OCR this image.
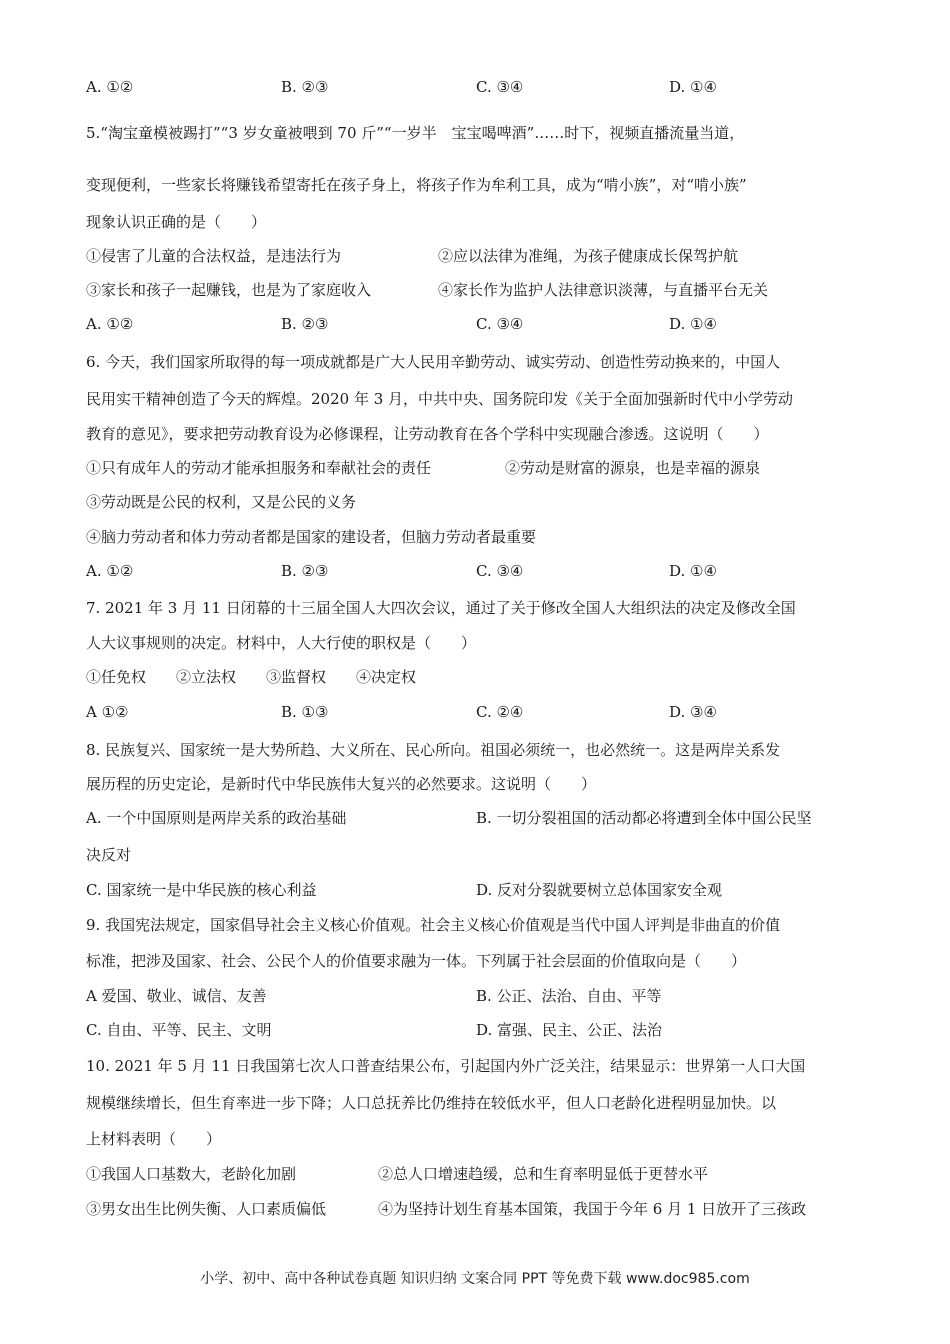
A. ①②	B. ②③	C. ③④	D. ①④
5.“淘宝童模被踢打”“3 岁女童被喂到 70 斤”“一岁半　宝宝喝啤酒”……时下，视频直播流量当道，
变现便利，一些家长将赚钱希望寄托在孩子身上，将孩子作为牟利工具，成为“啃小族”，对“啃小族”
现象认识正确的是（　　）
①侵害了儿童的合法权益，是违法行为	②应以法律为准绳，为孩子健康成长保驾护航
③家长和孩子一起赚钱，也是为了家庭收入	④家长作为监护人法律意识淡薄，与直播平台无关
A. ①②	B. ②③	C. ③④	D. ①④
6. 今天，我们国家所取得的每一项成就都是广大人民用辛勤劳动、诚实劳动、创造性劳动换来的，中国人
民用实干精神创造了今天的辉煌。2020 年 3 月，中共中央、国务院印发《关于全面加强新时代中小学劳动
教育的意见》，要求把劳动教育设为必修课程，让劳动教育在各个学科中实现融合渗透。这说明（　　）
①只有成年人的劳动才能承担服务和奉献社会的责任	②劳动是财富的源泉，也是幸福的源泉
③劳动既是公民的权利，又是公民的义务
④脑力劳动者和体力劳动者都是国家的建设者，但脑力劳动者最重要
A. ①②	B. ②③	C. ③④	D. ①④
7. 2021 年 3 月 11 日闭幕的十三届全国人大四次会议，通过了关于修改全国人大组织法的决定及修改全国
人大议事规则的决定。材料中，人大行使的职权是（　　）
①任免权　　②立法权　　③监督权　　④决定权
A ①②	B. ①③	C. ②④	D. ③④
8. 民族复兴、国家统一是大势所趋、大义所在、民心所向。祖国必须统一，也必然统一。这是两岸关系发
展历程的历史定论，是新时代中华民族伟大复兴的必然要求。这说明（　　）
A. 一个中国原则是两岸关系的政治基础	B. 一切分裂祖国的活动都必将遭到全体中国公民坚
决反对
C. 国家统一是中华民族的核心利益	D. 反对分裂就要树立总体国家安全观
9. 我国宪法规定，国家倡导社会主义核心价值观。社会主义核心价值观是当代中国人评判是非曲直的价值
标准，把涉及国家、社会、公民个人的价值要求融为一体。下列属于社会层面的价值取向是（　　）
A 爱国、敬业、诚信、友善	B. 公正、法治、自由、平等
C. 自由、平等、民主、文明	D. 富强、民主、公正、法治
10. 2021 年 5 月 11 日我国第七次人口普查结果公布，引起国内外广泛关注，结果显示：世界第一人口大国
规模继续增长，但生育率进一步下降；人口总抚养比仍维持在较低水平，但人口老龄化进程明显加快。以
上材料表明（　　）
①我国人口基数大，老龄化加剧	②总人口增速趋缓，总和生育率明显低于更替水平
③男女出生比例失衡、人口素质偏低	④为坚持计划生育基本国策，我国于今年 6 月 1 日放开了三孩政
小学、初中、高中各种试卷真题 知识归纳 文案合同 PPT 等免费下载 www.doc985.com
